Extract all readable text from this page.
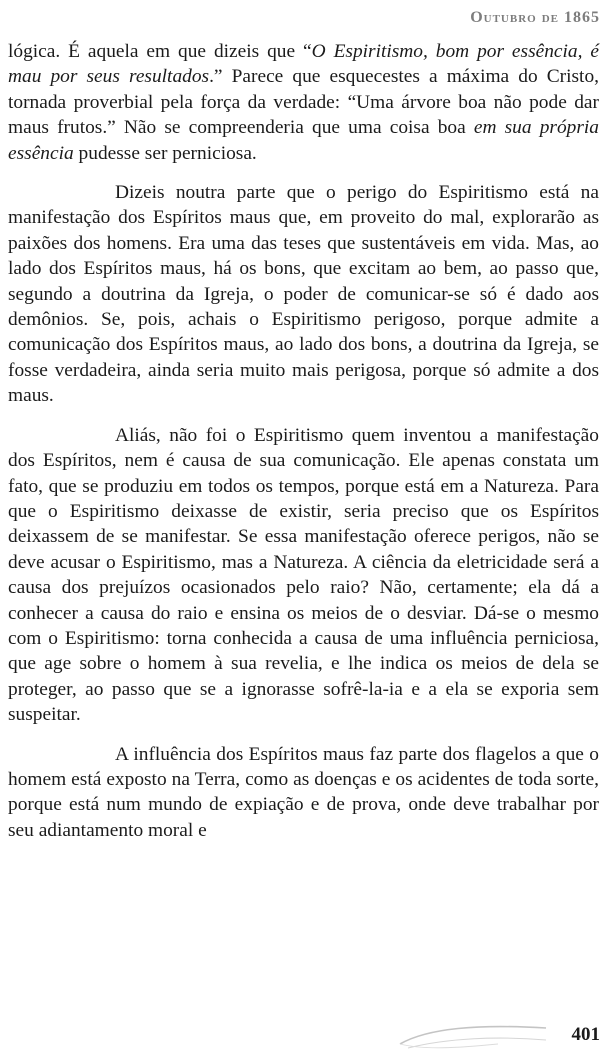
Outubro de 1865

lógica. É aquela em que dizeis que “O Espiritismo, bom por essência, é mau por seus resultados.” Parece que esquecestes a máxima do Cristo, tornada proverbial pela força da verdade: “Uma árvore boa não pode dar maus frutos.” Não se compreenderia que uma coisa boa em sua própria essência pudesse ser perniciosa.

Dizeis noutra parte que o perigo do Espiritismo está na manifestação dos Espíritos maus que, em proveito do mal, explorarão as paixões dos homens. Era uma das teses que sustentáveis em vida. Mas, ao lado dos Espíritos maus, há os bons, que excitam ao bem, ao passo que, segundo a doutrina da Igreja, o poder de comunicar-se só é dado aos demônios. Se, pois, achais o Espiritismo perigoso, porque admite a comunicação dos Espíritos maus, ao lado dos bons, a doutrina da Igreja, se fosse verdadeira, ainda seria muito mais perigosa, porque só admite a dos maus.

Aliás, não foi o Espiritismo quem inventou a manifestação dos Espíritos, nem é causa de sua comunicação. Ele apenas constata um fato, que se produziu em todos os tempos, porque está em a Natureza. Para que o Espiritismo deixasse de existir, seria preciso que os Espíritos deixassem de se manifestar. Se essa manifestação oferece perigos, não se deve acusar o Espiritismo, mas a Natureza. A ciência da eletricidade será a causa dos prejuízos ocasionados pelo raio? Não, certamente; ela dá a conhecer a causa do raio e ensina os meios de o desviar. Dá-se o mesmo com o Espiritismo: torna conhecida a causa de uma influência perniciosa, que age sobre o homem à sua revelia, e lhe indica os meios de dela se proteger, ao passo que se a ignorasse sofrê-la-ia e a ela se exporia sem suspeitar.

A influência dos Espíritos maus faz parte dos flagelos a que o homem está exposto na Terra, como as doenças e os acidentes de toda sorte, porque está num mundo de expiação e de prova, onde deve trabalhar por seu adiantamento moral e

401
